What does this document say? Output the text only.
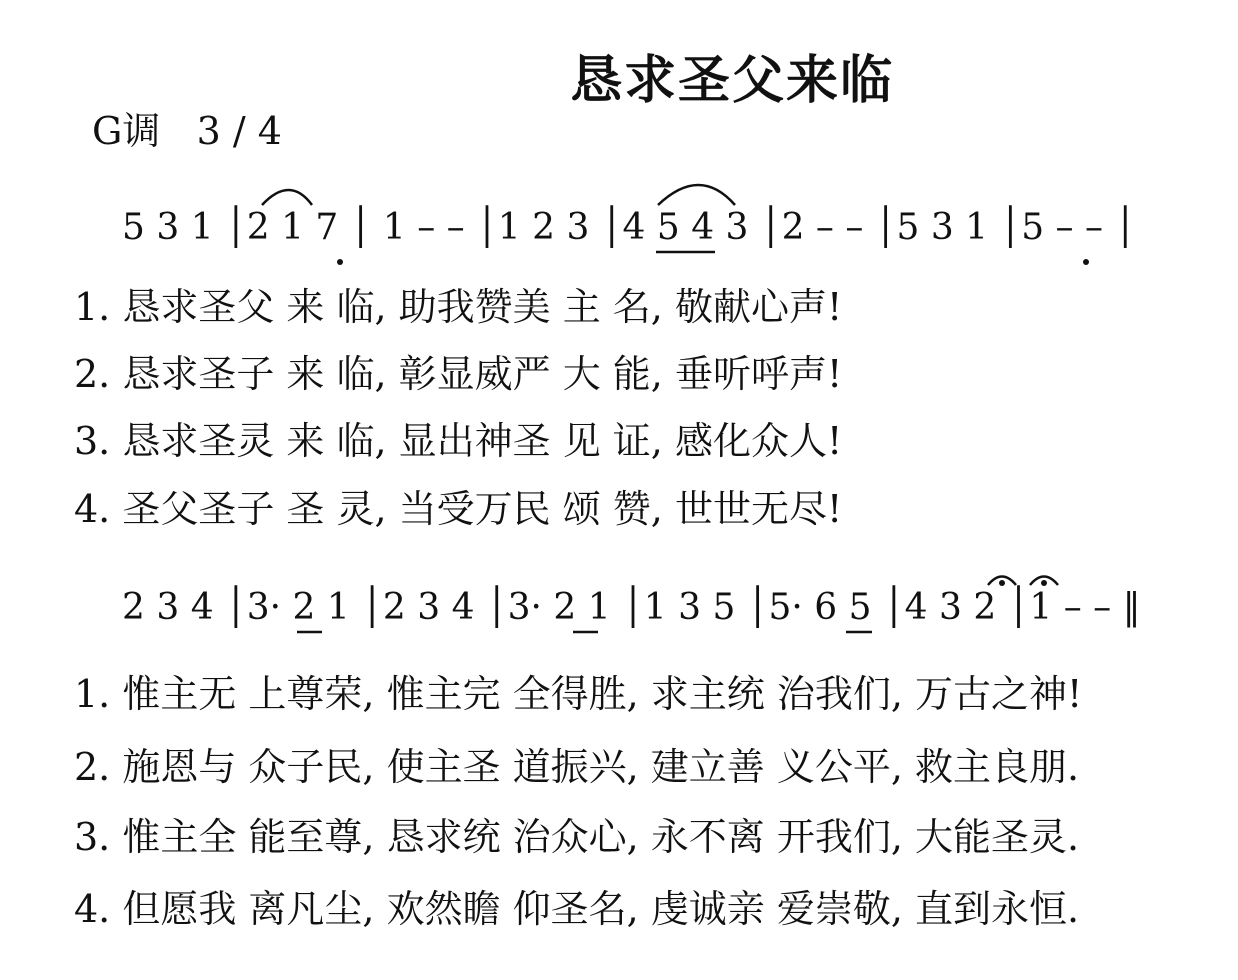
恳求圣父来临
G调 3 / 4
5 3 1 │2 1 7 │ 1 – – │1 2 3 │4 5 4 3 │2 – – │5 3 1 │5 – – │
1. 恳求圣父 来 临, 助我赞美 主 名, 敬献心声!
2. 恳求圣子 来 临, 彰显威严 大 能, 垂听呼声!
3. 恳求圣灵 来 临, 显出神圣 见 证, 感化众人!
4. 圣父圣子 圣 灵, 当受万民 颂 赞, 世世无尽!
2 3 4 │3· 2 1 │2 3 4 │3· 2 1 │1 3 5 │5· 6 5 │4 3 2 │1 – – ‖
1. 惟主无 上尊荣, 惟主完 全得胜, 求主统 治我们, 万古之神!
2. 施恩与 众子民, 使主圣 道振兴, 建立善 义公平, 救主良朋.
3. 惟主全 能至尊, 恳求统 治众心, 永不离 开我们, 大能圣灵.
4. 但愿我 离凡尘, 欢然瞻 仰圣名, 虔诚亲 爱崇敬, 直到永恒.
